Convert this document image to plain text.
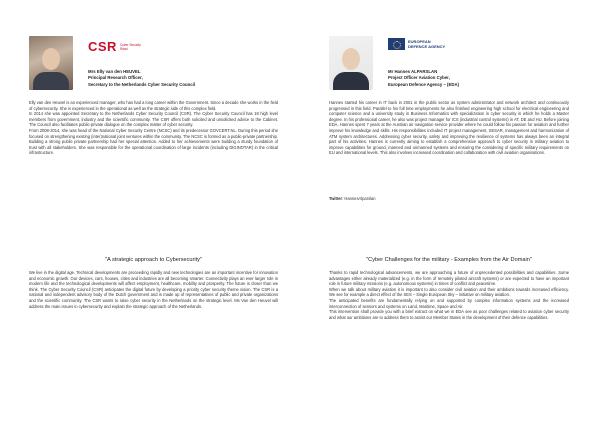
CSR Cyber Security Raad
Mrs Elly van den HEUVEL
Principal Research Officer,
Secretary to the Netherlands Cyber Security Council
Elly van den Heuvel is an experienced manager, who has had a long career within the Government. Since a decade she works in the field of cybersecurity. She is experienced in the operational as well as the strategic side of this complex field.
In 2014 she was appointed Secretary to the Netherlands Cyber Security Council (CSR). The Cyber Security Council has 18 high level members from government, industry and the scientific community. The CSR offers both solicited and unsolicited advice to the Cabinet. The Council also facilitates public-private dialogue on the complex matter of cyber security.
From 2008-2014, she was head of the National Cyber Security Centre (NCSC) and its predecessor GOVCERT.NL. During this period she focused on strengthening existing (inter)national joint ventures within the community. The NCSC is formed as a public-private partnership. Building a strong public private partnership had her special attention. Added to her achievements were building a sturdy foundation of trust with all stakeholders. She was responsible for the operational coordination of large incidents (including DIGINOTAR) in the critical infrastructure.
"A strategic approach to Cybersecurity"
We live in the digital age. Technical developments are proceeding rapidly and new technologies are an important incentive for innovation and economic growth. Our devices, cars, houses, cities and industries are all becoming smarter. Connectivity plays an ever larger role in modern life and the technological developments will affect employment, healthcare, mobility and prosperity. The future is closer than we think. The Cyber Security Council (CSR) anticipates the digital future by developing a priority cyber security theme vision. The CSR is a national and independent advisory body of the Dutch government and is made up of representatives of public and private organizations and the scientific community. The CSR wants to raise cyber security in the Netherlands on the strategic level. Ms Van den Heuvel will address the main issues in cybersecurity and explain the strategic approach of the Netherlands.
EUROPEAN DEFENCE AGENCY
Mr Hannes ALPARSLAN
Project Officer Aviation Cyber,
European Defence Agency – (EDA)
Hannes started his career in IT back in 2001 in the public sector as system administrator and network architect and continuously progressed in this field. Parallel to his full time employments he also finished engineering high school for electrical engineering and computer science and a university study in Business Informatics with specialization in cyber security in which he holds a Master degree. In his professional career, he also was project manager for ICS (industrial control systems) in AT, DE and HU. Before joining EDA, Hannes spent 7 years at the Austrian air navigation service provider where he could follow his passion for aviation and further improve his knowledge and skills. His responsibilities included IT project management, SESAR, management and harmonization of ATM system architectures. Addressing cyber security, safety and improving the resilience of systems has always been an integral part of his activities. Hannes is currently aiming to establish a comprehensive approach to cyber security in military aviation to improve capabilities for ground, manned and unmanned systems and ensuring the considering of specific military requirements on EU and international levels. This also involves increased coordination and collaboration with civil aviation organisations.
Twitter: HannesAlparslan
"Cyber Challenges for the military - Examples from the Air Domain"
Thanks to rapid technological advancements, we are approaching a future of unprecedented possibilities and capabilities. Some advantages either already materialized (e.g. in the form of remotely piloted aircraft systems) or are expected to have an important role in future military missions (e.g. autonomous systems) in times of conflict and peacetime.
When we talk about military aviation it is important to also consider civil aviation and their ambitions towards increased efficiency. We see for example a direct effect of the SES – Single European Sky – initiative on military aviation.
The anticipated benefits are fundamentally relying on and supported by complex information systems and the increased interconnection of sensors and systems on Land, Maritime, Space and Air.
This intervention shall provide you with a brief extract on what we in EDA see as poor challenges related to aviation cyber security and what our ambitions are to address them to assist our Member States in the development of their defence capabilities.
